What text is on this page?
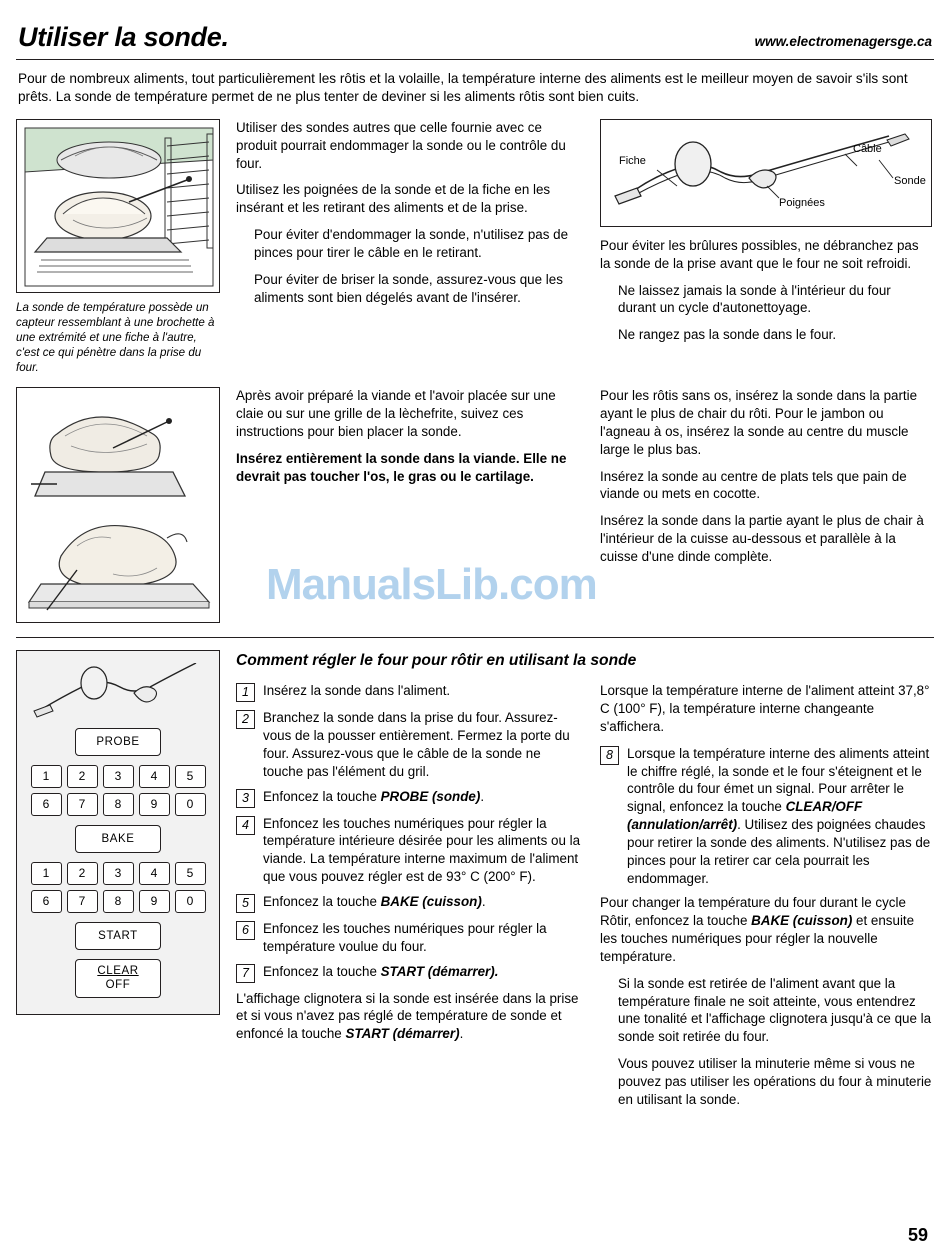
Utiliser la sonde.	www.electromenagersge.ca

Pour de nombreux aliments, tout particulièrement les rôtis et la volaille, la température interne des aliments est le meilleur moyen de savoir s'ils sont prêts. La sonde de température permet de ne plus tenter de deviner si les aliments rôtis sont bien cuits.

La sonde de température possède un capteur ressemblant à une brochette à une extrémité et une fiche à l'autre, c'est ce qui pénètre dans la prise du four.

Utiliser des sondes autres que celle fournie avec ce produit pourrait endommager la sonde ou le contrôle du four.

Utilisez les poignées de la sonde et de la fiche en les insérant et les retirant des aliments et de la prise.

Pour éviter d'endommager la sonde, n'utilisez pas de pinces pour tirer le câble en le retirant.

Pour éviter de briser la sonde, assurez-vous que les aliments sont bien dégelés avant de l'insérer.

Fiche
Câble
Poignées
Sonde

Pour éviter les brûlures possibles, ne débranchez pas la sonde de la prise avant que le four ne soit refroidi.

Ne laissez jamais la sonde à l'intérieur du four durant un cycle d'autonettoyage.

Ne rangez pas la sonde dans le four.

Après avoir préparé la viande et l'avoir placée sur une claie ou sur une grille de la lèchefrite, suivez ces instructions pour bien placer la sonde.

Insérez entièrement la sonde dans la viande. Elle ne devrait pas toucher l'os, le gras ou le cartilage.

Pour les rôtis sans os, insérez la sonde dans la partie ayant le plus de chair du rôti. Pour le jambon ou l'agneau à os, insérez la sonde au centre du muscle large le plus bas.

Insérez la sonde au centre de plats tels que pain de viande ou mets en cocotte.

Insérez la sonde dans la partie ayant le plus de chair à l'intérieur de la cuisse au-dessous et parallèle à la cuisse d'une dinde complète.

PROBE
1	2	3	4	5
6	7	8	9	0
BAKE
1	2	3	4	5
6	7	8	9	0
START
CLEAR
OFF
Comment régler le four pour rôtir en utilisant la sonde
1	Insérez la sonde dans l'aliment.
2	Branchez la sonde dans la prise du four. Assurez-vous de la pousser entièrement. Fermez la porte du four. Assurez-vous que le câble de la sonde ne touche pas l'élément du gril.
3	Enfoncez la touche PROBE (sonde).
4	Enfoncez les touches numériques pour régler la température intérieure désirée pour les aliments ou la viande. La température interne maximum de l'aliment que vous pouvez régler est de 93° C (200° F).
5	Enfoncez la touche BAKE (cuisson).
6	Enfoncez les touches numériques pour régler la température voulue du four.
7	Enfoncez la touche START (démarrer).

L'affichage clignotera si la sonde est insérée dans la prise et si vous n'avez pas réglé de température de sonde et enfoncé la touche START (démarrer).

Lorsque la température interne de l'aliment atteint 37,8° C (100° F), la température interne changeante s'affichera.

8	Lorsque la température interne des aliments atteint le chiffre réglé, la sonde et le four s'éteignent et le contrôle du four émet un signal. Pour arrêter le signal, enfoncez la touche CLEAR/OFF (annulation/arrêt). Utilisez des poignées chaudes pour retirer la sonde des aliments. N'utilisez pas de pinces pour la retirer car cela pourrait les endommager.

Pour changer la température du four durant le cycle Rôtir, enfoncez la touche BAKE (cuisson) et ensuite les touches numériques pour régler la nouvelle température.

Si la sonde est retirée de l'aliment avant que la température finale ne soit atteinte, vous entendrez une tonalité et l'affichage clignotera jusqu'à ce que la sonde soit retirée du four.

Vous pouvez utiliser la minuterie même si vous ne pouvez pas utiliser les opérations du four à minuterie en utilisant la sonde.

ManualsLib.com
59
